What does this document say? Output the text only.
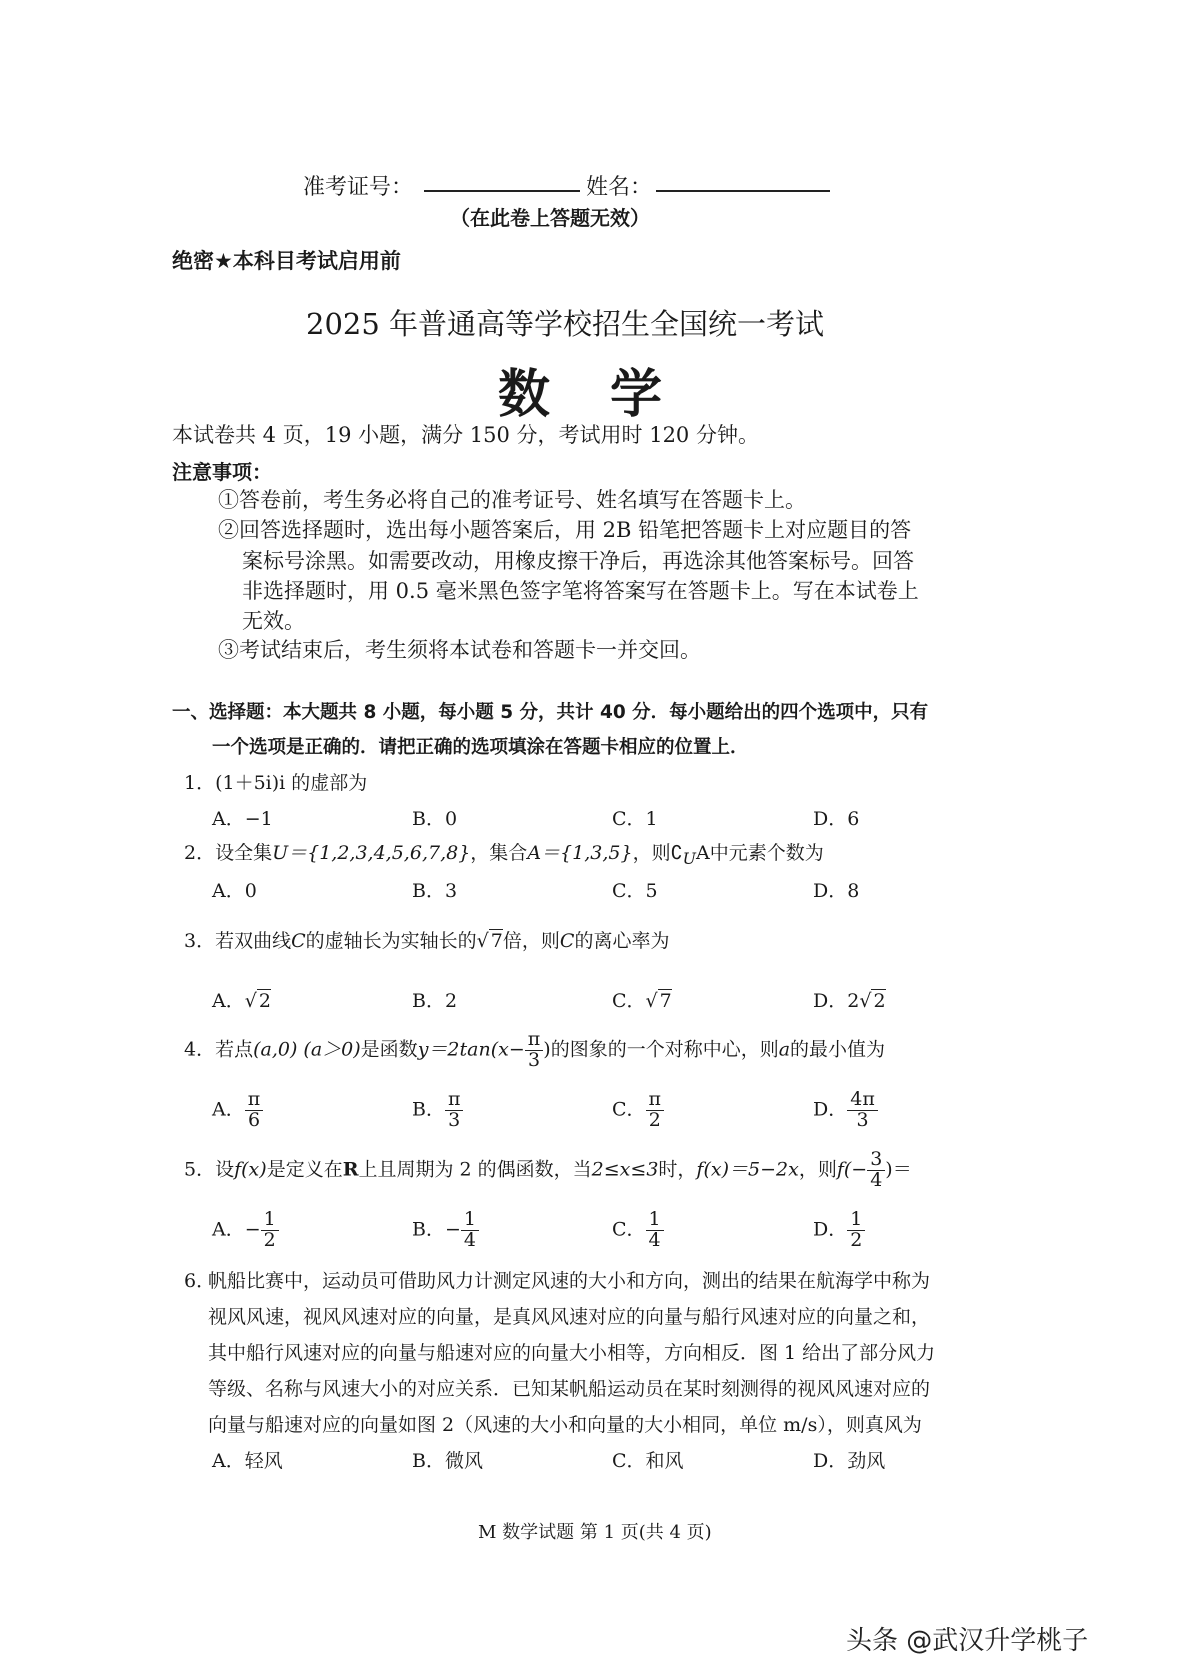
准考证号：	姓名：
（在此卷上答题无效）
绝密★本科目考试启用前
2025 年普通高等学校招生全国统一考试
数学
本试卷共 4 页，19 小题，满分 150 分，考试用时 120 分钟。
注意事项：
①答卷前，考生务必将自己的准考证号、姓名填写在答题卡上。
②回答选择题时，选出每小题答案后，用 2B 铅笔把答题卡上对应题目的答
案标号涂黑。如需要改动，用橡皮擦干净后，再选涂其他答案标号。回答
非选择题时，用 0.5 毫米黑色签字笔将答案写在答题卡上。写在本试卷上
无效。
③考试结束后，考生须将本试卷和答题卡一并交回。
一、选择题：本大题共 8 小题，每小题 5 分，共计 40 分．每小题给出的四个选项中，只有
一个选项是正确的．请把正确的选项填涂在答题卡相应的位置上．
1．(1＋5i)i 的虚部为
A．−1	B．0	C．1	D．6
2．设全集U＝{1,2,3,4,5,6,7,8}，集合A＝{1,3,5}，则$∁_UA$中元素个数为
A．0	B．3	C．5	D．8
3．若双曲线C的虚轴长为实轴长的√ 7倍，则C的离心率为
A．√ 2	B．2	C．√ 7	D．2√ 2
4．若点(a,0) (a＞0)是函数$y=2\tan(x- \frac{\pi}{3}$ )的图象的一个对称中心，则a的最小值为
A． $\frac{\pi}{6}$	B． $\frac{\pi}{3}$	C． $\frac{\pi}{2}$	D． $\frac{4\pi}{3}$
5．设f(x)是定义在R上且周期为 2 的偶函数，当2≤x≤3时，f(x)＝5−2x，则$f(- \frac{3}{4}$ )＝
A．− $\frac{1}{2}$	B．− $\frac{1}{4}$	C． $\frac{1}{4}$	D． $\frac{1}{2}$
6．
帆船比赛中，运动员可借助风力计测定风速的大小和方向，测出的结果在航海学中称为
视风风速，视风风速对应的向量，是真风风速对应的向量与船行风速对应的向量之和，
其中船行风速对应的向量与船速对应的向量大小相等，方向相反．图 1 给出了部分风力
等级、名称与风速大小的对应关系．已知某帆船运动员在某时刻测得的视风风速对应的
向量与船速对应的向量如图 2（风速的大小和向量的大小相同，单位 m/s），则真风为
A．轻风	B．微风	C．和风	D．劲风
M 数学试题 第 1 页(共 4 页)
头条 @武汉升学桃子
